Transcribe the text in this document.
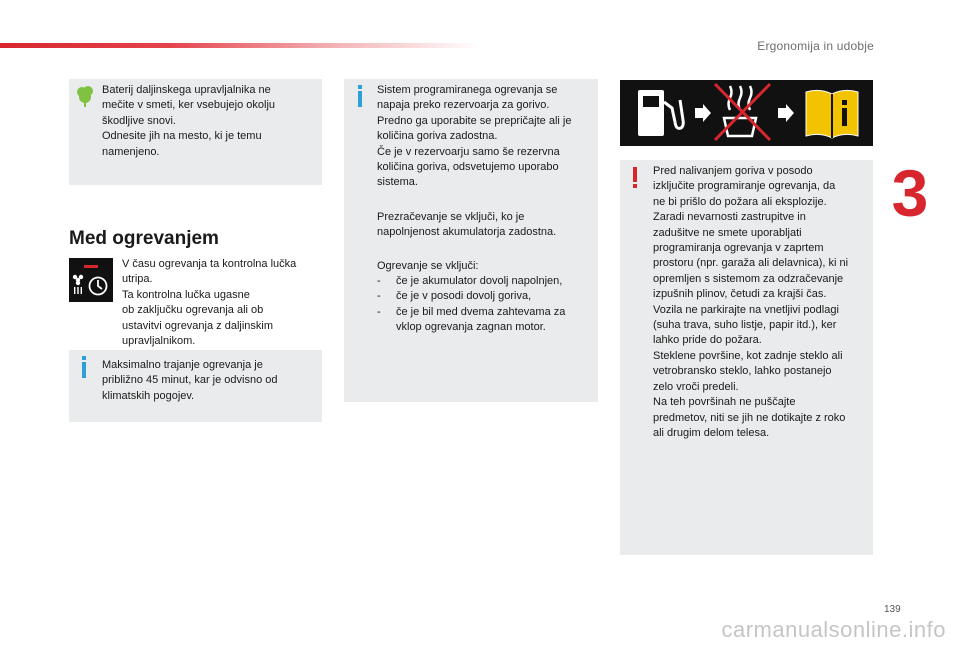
Ergonomija in udobje
3

Baterij daljinskega upravljalnika ne

mečite v smeti, ker vsebujejo okolju

škodljive snovi.

Odnesite jih na mesto, ki je temu

namenjeno.

Med ogrevanjem

V času ogrevanja ta kontrolna lučka

utripa.

Ta kontrolna lučka ugasne

ob zaključku ogrevanja ali ob

ustavitvi ogrevanja z daljinskim

upravljalnikom.

Maksimalno trajanje ogrevanja je

približno 45 minut, kar je odvisno od

klimatskih pogojev.

Sistem programiranega ogrevanja se

napaja preko rezervoarja za gorivo.

Predno ga uporabite se prepričajte ali je

količina goriva zadostna.

Če je v rezervoarju samo še rezervna

količina goriva, odsvetujemo uporabo

sistema.

Prezračevanje se vključi, ko je

napolnjenost akumulatorja zadostna.

Ogrevanje se vključi:

- če je akumulator dovolj napolnjen,
- če je v posodi dovolj goriva,
- če je bil med dvema zahtevama za vklop ogrevanja zagnan motor.

Pred nalivanjem goriva v posodo

izključite programiranje ogrevanja, da

ne bi prišlo do požara ali eksplozije.

Zaradi nevarnosti zastrupitve in

zadušitve ne smete uporabljati

programiranja ogrevanja v zaprtem

prostoru (npr. garaža ali delavnica), ki ni

opremljen s sistemom za odzračevanje

izpušnih plinov, četudi za krajši čas.

Vozila ne parkirajte na vnetljivi podlagi

(suha trava, suho listje, papir itd.), ker

lahko pride do požara.

Steklene površine, kot zadnje steklo ali

vetrobransko steklo, lahko postanejo

zelo vroči predeli.

Na teh površinah ne puščajte

predmetov, niti se jih ne dotikajte z roko

ali drugim delom telesa.

139
carmanualsonline.info
